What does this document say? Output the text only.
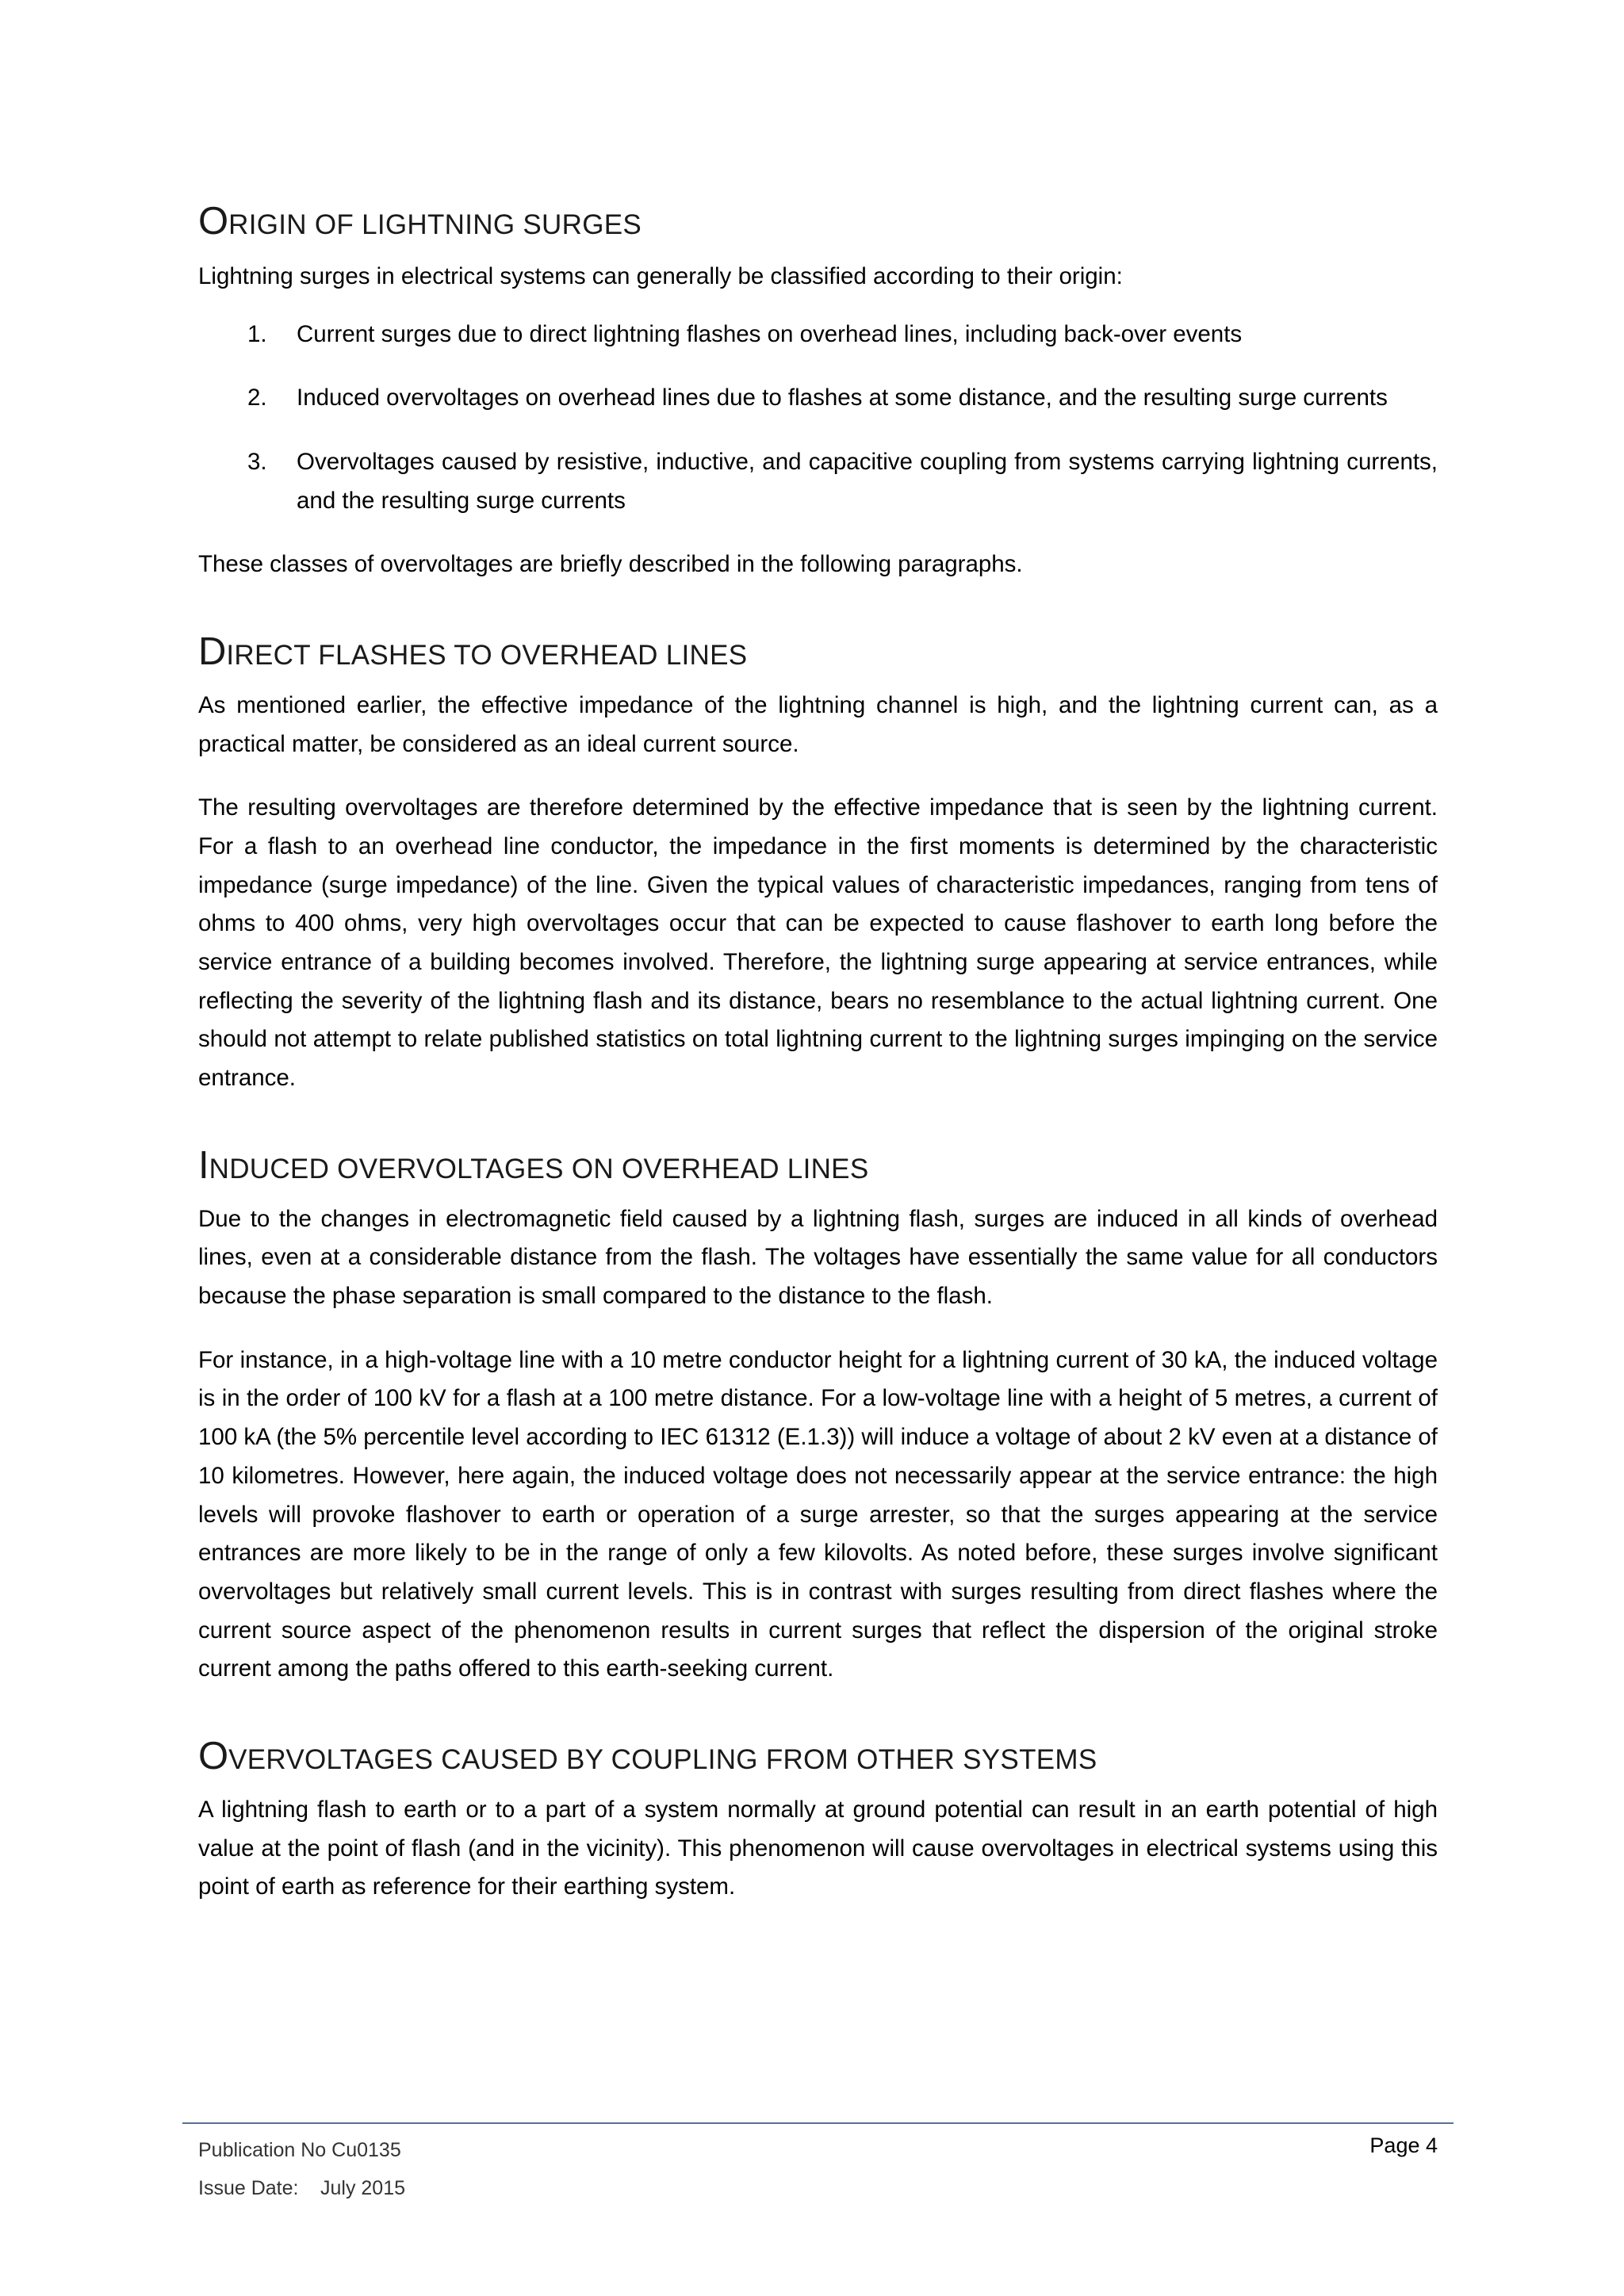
ORIGIN OF LIGHTNING SURGES

Lightning surges in electrical systems can generally be classified according to their origin:

1.	Current surges due to direct lightning flashes on overhead lines, including back-over events
2.	Induced overvoltages on overhead lines due to flashes at some distance, and the resulting surge currents
3.	Overvoltages caused by resistive, inductive, and capacitive coupling from systems carrying lightning currents, and the resulting surge currents

These classes of overvoltages are briefly described in the following paragraphs.

DIRECT FLASHES TO OVERHEAD LINES

As mentioned earlier, the effective impedance of the lightning channel is high, and the lightning current can, as a practical matter, be considered as an ideal current source.

The resulting overvoltages are therefore determined by the effective impedance that is seen by the lightning current. For a flash to an overhead line conductor, the impedance in the first moments is determined by the characteristic impedance (surge impedance) of the line. Given the typical values of characteristic impedances, ranging from tens of ohms to 400 ohms, very high overvoltages occur that can be expected to cause flashover to earth long before the service entrance of a building becomes involved. Therefore, the lightning surge appearing at service entrances, while reflecting the severity of the lightning flash and its distance, bears no resemblance to the actual lightning current. One should not attempt to relate published statistics on total lightning current to the lightning surges impinging on the service entrance.

INDUCED OVERVOLTAGES ON OVERHEAD LINES

Due to the changes in electromagnetic field caused by a lightning flash, surges are induced in all kinds of overhead lines, even at a considerable distance from the flash. The voltages have essentially the same value for all conductors because the phase separation is small compared to the distance to the flash.

For instance, in a high-voltage line with a 10 metre conductor height for a lightning current of 30 kA, the induced voltage is in the order of 100 kV for a flash at a 100 metre distance. For a low-voltage line with a height of 5 metres, a current of 100 kA (the 5% percentile level according to IEC 61312 (E.1.3)) will induce a voltage of about 2 kV even at a distance of 10 kilometres. However, here again, the induced voltage does not necessarily appear at the service entrance: the high levels will provoke flashover to earth or operation of a surge arrester, so that the surges appearing at the service entrances are more likely to be in the range of only a few kilovolts. As noted before, these surges involve significant overvoltages but relatively small current levels. This is in contrast with surges resulting from direct flashes where the current source aspect of the phenomenon results in current surges that reflect the dispersion of the original stroke current among the paths offered to this earth-seeking current.

OVERVOLTAGES CAUSED BY COUPLING FROM OTHER SYSTEMS

A lightning flash to earth or to a part of a system normally at ground potential can result in an earth potential of high value at the point of flash (and in the vicinity). This phenomenon will cause overvoltages in electrical systems using this point of earth as reference for their earthing system.

Publication No Cu0135
Issue Date: July 2015
Page 4
